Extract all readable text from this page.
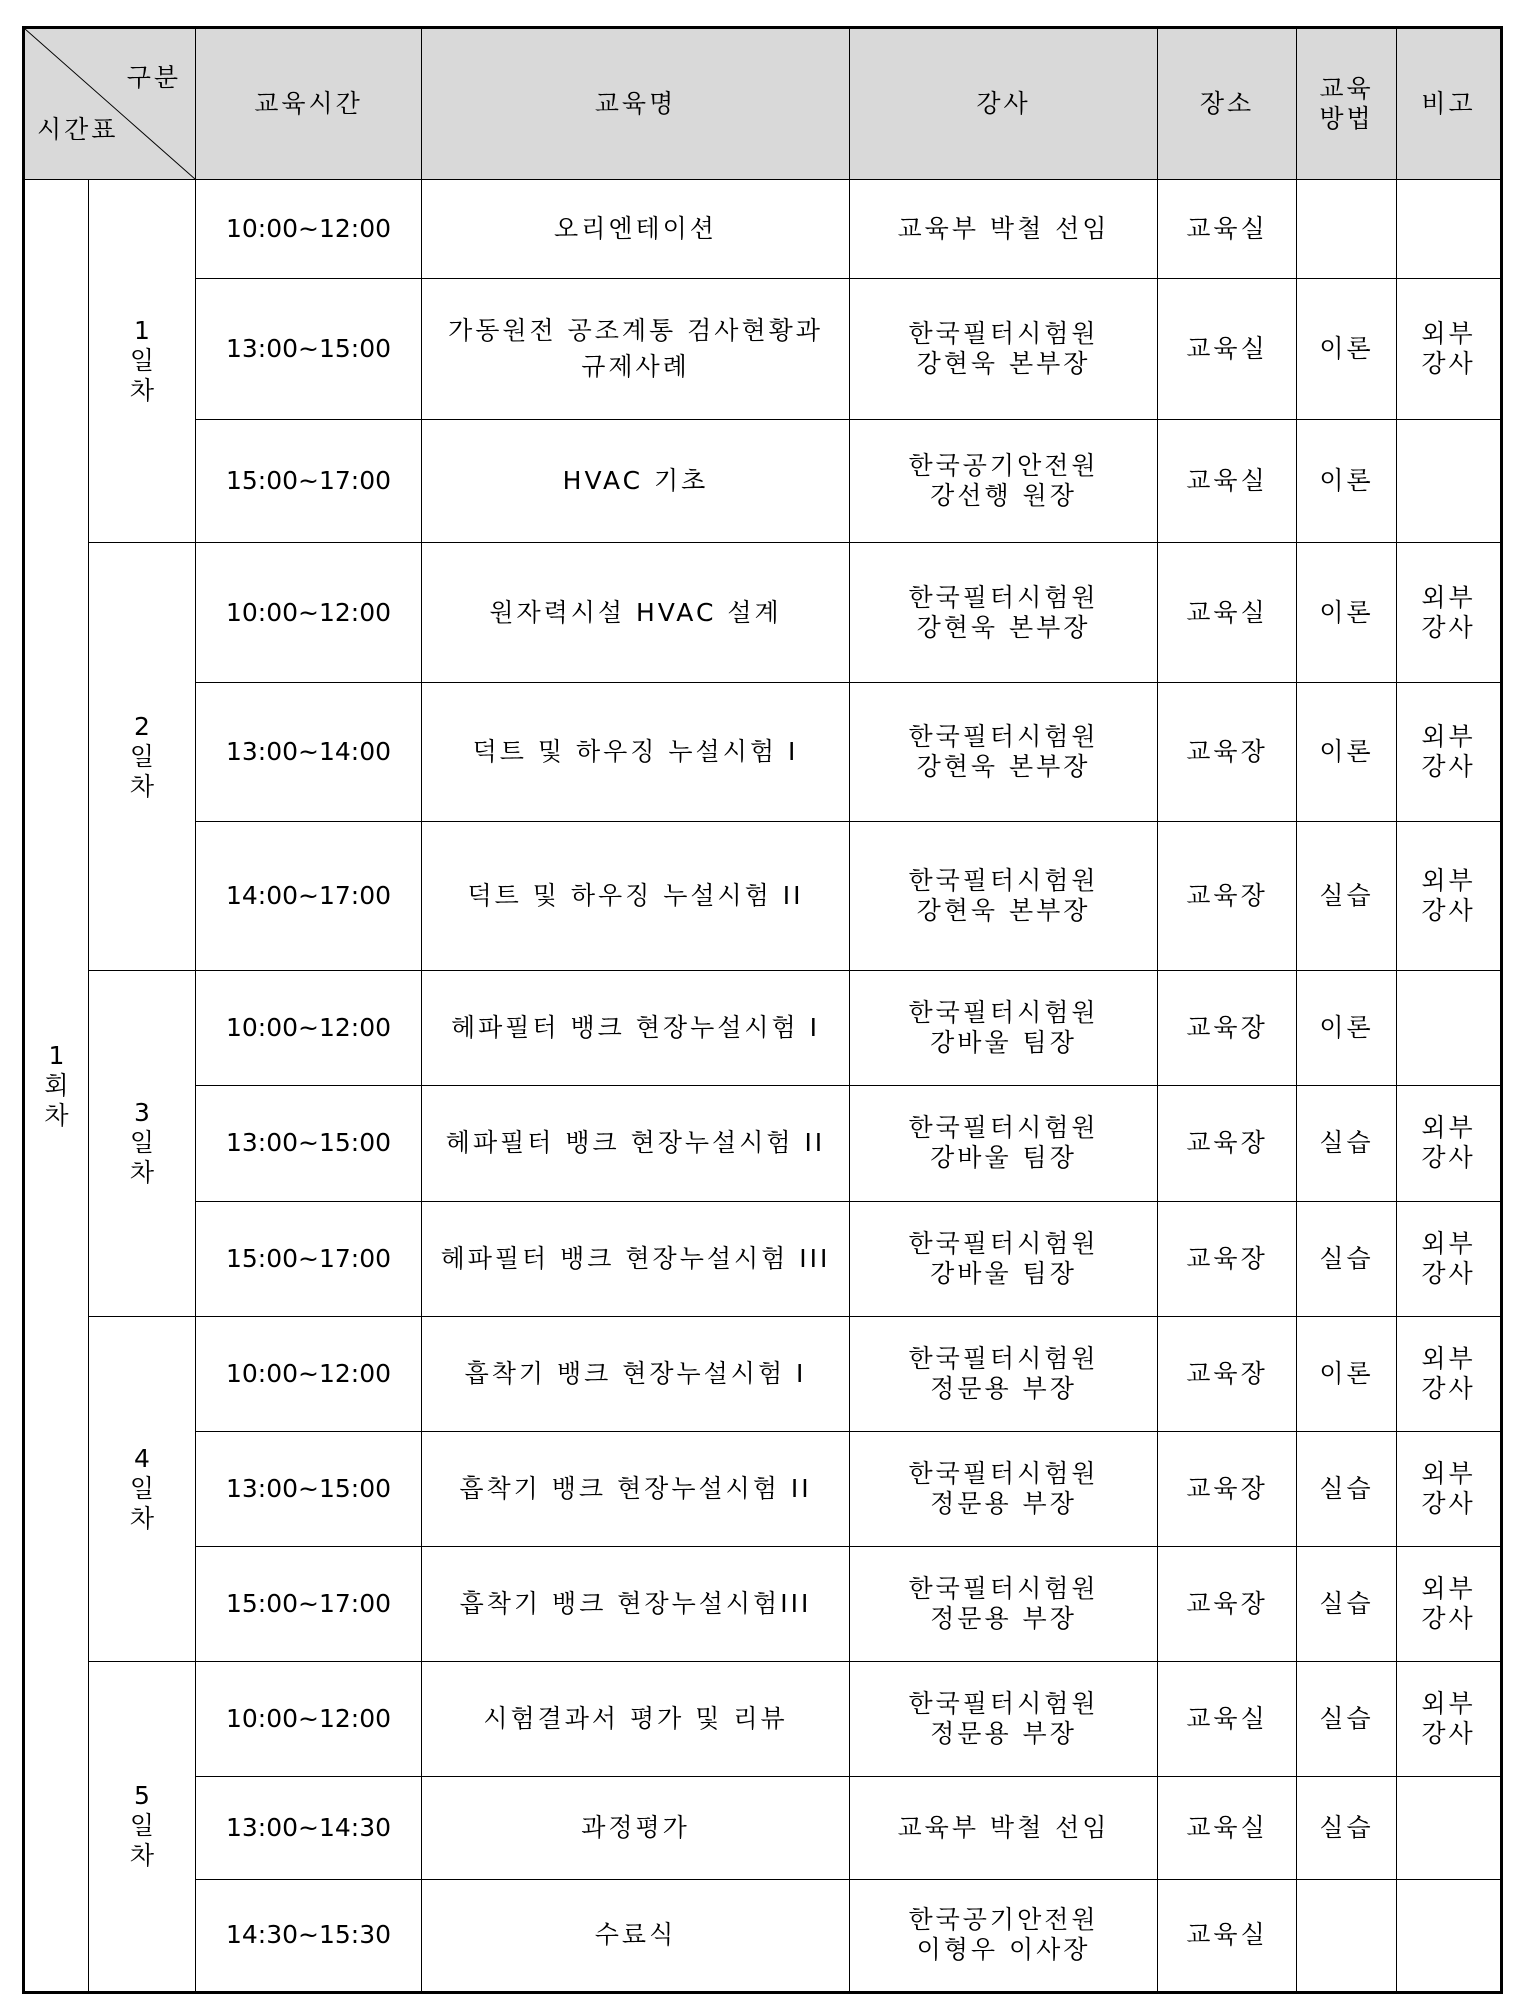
구분
시간표		교육시간	교육명	강사	장소	교육
방법	비고

1
회
차	1
일
차	10:00~12:00	오리엔테이션	교육부 박철 선임	교육실		
		13:00~15:00	가동원전 공조계통 검사현황과
규제사례	한국필터시험원
강현욱 본부장	교육실	이론	외부
강사

		15:00~17:00	HVAC 기초	한국공기안전원
강선행 원장	교육실	이론	

	2
일
차	10:00~12:00	원자력시설 HVAC 설계	한국필터시험원
강현욱 본부장	교육실	이론	외부
강사

		13:00~14:00	덕트 및 하우징 누설시험 I	한국필터시험원
강현욱 본부장	교육장	이론	외부
강사

		14:00~17:00	덕트 및 하우징 누설시험 II	한국필터시험원
강현욱 본부장	교육장	실습	외부
강사

	3
일
차	10:00~12:00	헤파필터 뱅크 현장누설시험 I	한국필터시험원
강바울 팀장	교육장	이론	
		13:00~15:00	헤파필터 뱅크 현장누설시험 II	한국필터시험원
강바울 팀장	교육장	실습	외부
강사

		15:00~17:00	헤파필터 뱅크 현장누설시험 III	한국필터시험원
강바울 팀장	교육장	실습	외부
강사

	4
일
차	10:00~12:00	흡착기 뱅크 현장누설시험 I	한국필터시험원
정문용 부장	교육장	이론	외부
강사

		13:00~15:00	흡착기 뱅크 현장누설시험 II	한국필터시험원
정문용 부장	교육장	실습	외부
강사

		15:00~17:00	흡착기 뱅크 현장누설시험III	한국필터시험원
정문용 부장	교육장	실습	외부
강사

	5
일
차	10:00~12:00	시험결과서 평가 및 리뷰	한국필터시험원
정문용 부장	교육실	실습	외부
강사

		13:00~14:30	과정평가	교육부 박철 선임	교육실	실습	
		14:30~15:30	수료식	한국공기안전원
이형우 이사장	교육실		
